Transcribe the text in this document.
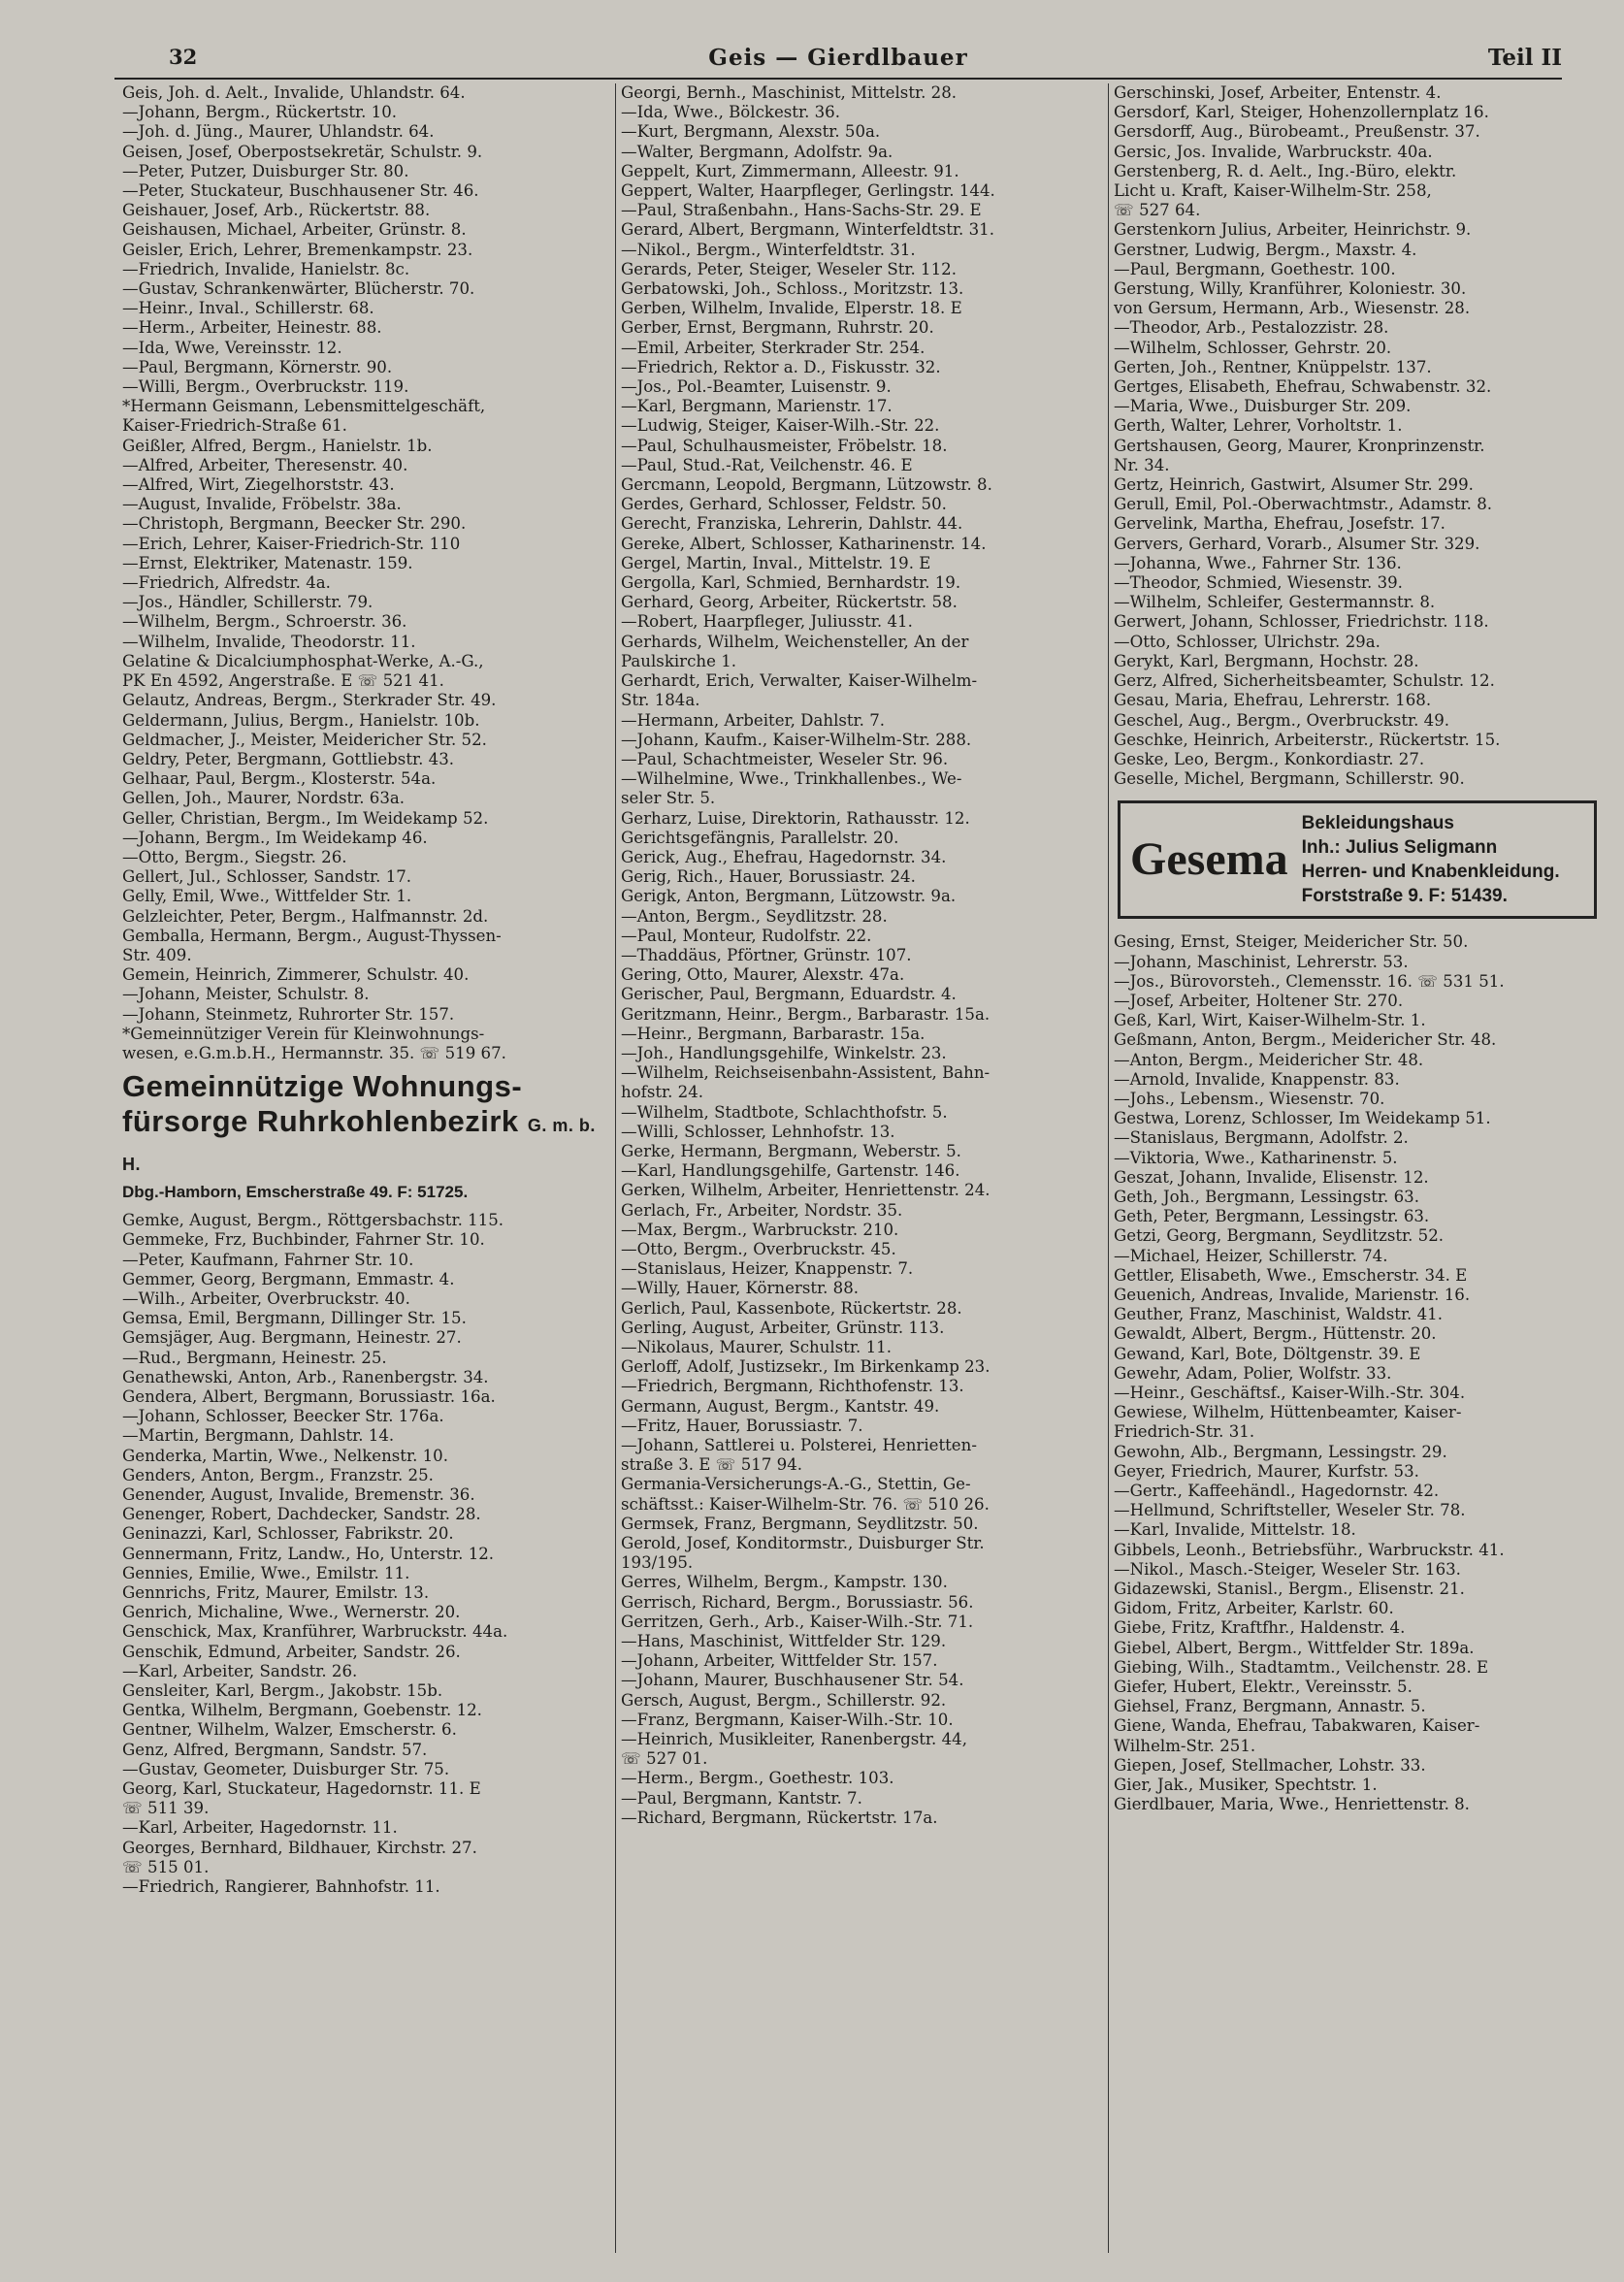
32	Geis — Gierdlbauer	Teil II
Geis, Joh. d. Aelt., Invalide, Uhlandstr. 64.
—Johann, Bergm., Rückertstr. 10.
—Joh. d. Jüng., Maurer, Uhlandstr. 64.
Geisen, Josef, Oberpostsekretär, Schulstr. 9.
—Peter, Putzer, Duisburger Str. 80.
—Peter, Stuckateur, Buschhausener Str. 46.
Geishauer, Josef, Arb., Rückertstr. 88.
Geishausen, Michael, Arbeiter, Grünstr. 8.
Geisler, Erich, Lehrer, Bremenkampstr. 23.
—Friedrich, Invalide, Hanielstr. 8c.
—Gustav, Schrankenwärter, Blücherstr. 70.
—Heinr., Inval., Schillerstr. 68.
—Herm., Arbeiter, Heinestr. 88.
—Ida, Wwe, Vereinsstr. 12.
—Paul, Bergmann, Körnerstr. 90.
—Willi, Bergm., Overbruckstr. 119.
*Hermann Geismann, Lebensmittelgeschäft,
Kaiser-Friedrich-Straße 61.
Geißler, Alfred, Bergm., Hanielstr. 1b.
—Alfred, Arbeiter, Theresenstr. 40.
—Alfred, Wirt, Ziegelhorststr. 43.
—August, Invalide, Fröbelstr. 38a.
—Christoph, Bergmann, Beecker Str. 290.
—Erich, Lehrer, Kaiser-Friedrich-Str. 110
—Ernst, Elektriker, Matenastr. 159.
—Friedrich, Alfredstr. 4a.
—Jos., Händler, Schillerstr. 79.
—Wilhelm, Bergm., Schroerstr. 36.
—Wilhelm, Invalide, Theodorstr. 11.
Gelatine & Dicalciumphosphat-Werke, A.-G.,
PK En 4592, Angerstraße. E ☏ 521 41.
Gelautz, Andreas, Bergm., Sterkrader Str. 49.
Geldermann, Julius, Bergm., Hanielstr. 10b.
Geldmacher, J., Meister, Meidericher Str. 52.
Geldry, Peter, Bergmann, Gottliebstr. 43.
Gelhaar, Paul, Bergm., Klosterstr. 54a.
Gellen, Joh., Maurer, Nordstr. 63a.
Geller, Christian, Bergm., Im Weidekamp 52.
—Johann, Bergm., Im Weidekamp 46.
—Otto, Bergm., Siegstr. 26.
Gellert, Jul., Schlosser, Sandstr. 17.
Gelly, Emil, Wwe., Wittfelder Str. 1.
Gelzleichter, Peter, Bergm., Halfmannstr. 2d.
Gemballa, Hermann, Bergm., August-Thyssen-
Str. 409.
Gemein, Heinrich, Zimmerer, Schulstr. 40.
—Johann, Meister, Schulstr. 8.
—Johann, Steinmetz, Ruhrorter Str. 157.
*Gemeinnütziger Verein für Kleinwohnungs-
wesen, e.G.m.b.H., Hermannstr. 35. ☏ 519 67.
Gemeinnützige Wohnungs-
fürsorge Ruhrkohlenbezirk G. m. b. H.
Dbg.-Hamborn, Emscherstraße 49. F: 51725.
Gemke, August, Bergm., Röttgersbachstr. 115.
Gemmeke, Frz, Buchbinder, Fahrner Str. 10.
—Peter, Kaufmann, Fahrner Str. 10.
Gemmer, Georg, Bergmann, Emmastr. 4.
—Wilh., Arbeiter, Overbruckstr. 40.
Gemsa, Emil, Bergmann, Dillinger Str. 15.
Gemsjäger, Aug. Bergmann, Heinestr. 27.
—Rud., Bergmann, Heinestr. 25.
Genathewski, Anton, Arb., Ranenbergstr. 34.
Gendera, Albert, Bergmann, Borussiastr. 16a.
—Johann, Schlosser, Beecker Str. 176a.
—Martin, Bergmann, Dahlstr. 14.
Genderka, Martin, Wwe., Nelkenstr. 10.
Genders, Anton, Bergm., Franzstr. 25.
Genender, August, Invalide, Bremenstr. 36.
Genenger, Robert, Dachdecker, Sandstr. 28.
Geninazzi, Karl, Schlosser, Fabrikstr. 20.
Gennermann, Fritz, Landw., Ho, Unterstr. 12.
Gennies, Emilie, Wwe., Emilstr. 11.
Gennrichs, Fritz, Maurer, Emilstr. 13.
Genrich, Michaline, Wwe., Wernerstr. 20.
Genschick, Max, Kranführer, Warbruckstr. 44a.
Genschik, Edmund, Arbeiter, Sandstr. 26.
—Karl, Arbeiter, Sandstr. 26.
Gensleiter, Karl, Bergm., Jakobstr. 15b.
Gentka, Wilhelm, Bergmann, Goebenstr. 12.
Gentner, Wilhelm, Walzer, Emscherstr. 6.
Genz, Alfred, Bergmann, Sandstr. 57.
—Gustav, Geometer, Duisburger Str. 75.
Georg, Karl, Stuckateur, Hagedornstr. 11. E
☏ 511 39.
—Karl, Arbeiter, Hagedornstr. 11.
Georges, Bernhard, Bildhauer, Kirchstr. 27.
☏ 515 01.
—Friedrich, Rangierer, Bahnhofstr. 11.
Georgi, Bernh., Maschinist, Mittelstr. 28.
—Ida, Wwe., Bölckestr. 36.
—Kurt, Bergmann, Alexstr. 50a.
—Walter, Bergmann, Adolfstr. 9a.
Geppelt, Kurt, Zimmermann, Alleestr. 91.
Geppert, Walter, Haarpfleger, Gerlingstr. 144.
—Paul, Straßenbahn., Hans-Sachs-Str. 29. E
Gerard, Albert, Bergmann, Winterfeldtstr. 31.
—Nikol., Bergm., Winterfeldtstr. 31.
Gerards, Peter, Steiger, Weseler Str. 112.
Gerbatowski, Joh., Schloss., Moritzstr. 13.
Gerben, Wilhelm, Invalide, Elperstr. 18. E
Gerber, Ernst, Bergmann, Ruhrstr. 20.
—Emil, Arbeiter, Sterkrader Str. 254.
—Friedrich, Rektor a. D., Fiskusstr. 32.
—Jos., Pol.-Beamter, Luisenstr. 9.
—Karl, Bergmann, Marienstr. 17.
—Ludwig, Steiger, Kaiser-Wilh.-Str. 22.
—Paul, Schulhausmeister, Fröbelstr. 18.
—Paul, Stud.-Rat, Veilchenstr. 46. E
Gercmann, Leopold, Bergmann, Lützowstr. 8.
Gerdes, Gerhard, Schlosser, Feldstr. 50.
Gerecht, Franziska, Lehrerin, Dahlstr. 44.
Gereke, Albert, Schlosser, Katharinenstr. 14.
Gergel, Martin, Inval., Mittelstr. 19. E
Gergolla, Karl, Schmied, Bernhardstr. 19.
Gerhard, Georg, Arbeiter, Rückertstr. 58.
—Robert, Haarpfleger, Juliusstr. 41.
Gerhards, Wilhelm, Weichensteller, An der
Paulskirche 1.
Gerhardt, Erich, Verwalter, Kaiser-Wilhelm-
Str. 184a.
—Hermann, Arbeiter, Dahlstr. 7.
—Johann, Kaufm., Kaiser-Wilhelm-Str. 288.
—Paul, Schachtmeister, Weseler Str. 96.
—Wilhelmine, Wwe., Trinkhallenbes., We-
seler Str. 5.
Gerharz, Luise, Direktorin, Rathausstr. 12.
Gerichtsgefängnis, Parallelstr. 20.
Gerick, Aug., Ehefrau, Hagedornstr. 34.
Gerig, Rich., Hauer, Borussiastr. 24.
Gerigk, Anton, Bergmann, Lützowstr. 9a.
—Anton, Bergm., Seydlitzstr. 28.
—Paul, Monteur, Rudolfstr. 22.
—Thaddäus, Pförtner, Grünstr. 107.
Gering, Otto, Maurer, Alexstr. 47a.
Gerischer, Paul, Bergmann, Eduardstr. 4.
Geritzmann, Heinr., Bergm., Barbarastr. 15a.
—Heinr., Bergmann, Barbarastr. 15a.
—Joh., Handlungsgehilfe, Winkelstr. 23.
—Wilhelm, Reichseisenbahn-Assistent, Bahn-
hofstr. 24.
—Wilhelm, Stadtbote, Schlachthofstr. 5.
—Willi, Schlosser, Lehnhofstr. 13.
Gerke, Hermann, Bergmann, Weberstr. 5.
—Karl, Handlungsgehilfe, Gartenstr. 146.
Gerken, Wilhelm, Arbeiter, Henriettenstr. 24.
Gerlach, Fr., Arbeiter, Nordstr. 35.
—Max, Bergm., Warbruckstr. 210.
—Otto, Bergm., Overbruckstr. 45.
—Stanislaus, Heizer, Knappenstr. 7.
—Willy, Hauer, Körnerstr. 88.
Gerlich, Paul, Kassenbote, Rückertstr. 28.
Gerling, August, Arbeiter, Grünstr. 113.
—Nikolaus, Maurer, Schulstr. 11.
Gerloff, Adolf, Justizsekr., Im Birkenkamp 23.
—Friedrich, Bergmann, Richthofenstr. 13.
Germann, August, Bergm., Kantstr. 49.
—Fritz, Hauer, Borussiastr. 7.
—Johann, Sattlerei u. Polsterei, Henrietten-
straße 3. E ☏ 517 94.
Germania-Versicherungs-A.-G., Stettin, Ge-
schäftsst.: Kaiser-Wilhelm-Str. 76. ☏ 510 26.
Germsek, Franz, Bergmann, Seydlitzstr. 50.
Gerold, Josef, Konditormstr., Duisburger Str.
193/195.
Gerres, Wilhelm, Bergm., Kampstr. 130.
Gerrisch, Richard, Bergm., Borussiastr. 56.
Gerritzen, Gerh., Arb., Kaiser-Wilh.-Str. 71.
—Hans, Maschinist, Wittfelder Str. 129.
—Johann, Arbeiter, Wittfelder Str. 157.
—Johann, Maurer, Buschhausener Str. 54.
Gersch, August, Bergm., Schillerstr. 92.
—Franz, Bergmann, Kaiser-Wilh.-Str. 10.
—Heinrich, Musikleiter, Ranenbergstr. 44,
☏ 527 01.
—Herm., Bergm., Goethestr. 103.
—Paul, Bergmann, Kantstr. 7.
—Richard, Bergmann, Rückertstr. 17a.
Gerschinski, Josef, Arbeiter, Entenstr. 4.
Gersdorf, Karl, Steiger, Hohenzollernplatz 16.
Gersdorff, Aug., Bürobeamt., Preußenstr. 37.
Gersic, Jos. Invalide, Warbruckstr. 40a.
Gerstenberg, R. d. Aelt., Ing.-Büro, elektr.
Licht u. Kraft, Kaiser-Wilhelm-Str. 258,
☏ 527 64.
Gerstenkorn Julius, Arbeiter, Heinrichstr. 9.
Gerstner, Ludwig, Bergm., Maxstr. 4.
—Paul, Bergmann, Goethestr. 100.
Gerstung, Willy, Kranführer, Koloniestr. 30.
von Gersum, Hermann, Arb., Wiesenstr. 28.
—Theodor, Arb., Pestalozzistr. 28.
—Wilhelm, Schlosser, Gehrstr. 20.
Gerten, Joh., Rentner, Knüppelstr. 137.
Gertges, Elisabeth, Ehefrau, Schwabenstr. 32.
—Maria, Wwe., Duisburger Str. 209.
Gerth, Walter, Lehrer, Vorholtstr. 1.
Gertshausen, Georg, Maurer, Kronprinzenstr.
Nr. 34.
Gertz, Heinrich, Gastwirt, Alsumer Str. 299.
Gerull, Emil, Pol.-Oberwachtmstr., Adamstr. 8.
Gervelink, Martha, Ehefrau, Josefstr. 17.
Gervers, Gerhard, Vorarb., Alsumer Str. 329.
—Johanna, Wwe., Fahrner Str. 136.
—Theodor, Schmied, Wiesenstr. 39.
—Wilhelm, Schleifer, Gestermannstr. 8.
Gerwert, Johann, Schlosser, Friedrichstr. 118.
—Otto, Schlosser, Ulrichstr. 29a.
Gerykt, Karl, Bergmann, Hochstr. 28.
Gerz, Alfred, Sicherheitsbeamter, Schulstr. 12.
Gesau, Maria, Ehefrau, Lehrerstr. 168.
Geschel, Aug., Bergm., Overbruckstr. 49.
Geschke, Heinrich, Arbeiterstr., Rückertstr. 15.
Geske, Leo, Bergm., Konkordiastr. 27.
Geselle, Michel, Bergmann, Schillerstr. 90.
Gesema
Bekleidungshaus
Inh.: Julius Seligmann
Herren- und Knabenkleidung.
Forststraße 9. F: 51439.
Gesing, Ernst, Steiger, Meidericher Str. 50.
—Johann, Maschinist, Lehrerstr. 53.
—Jos., Bürovorsteh., Clemensstr. 16. ☏ 531 51.
—Josef, Arbeiter, Holtener Str. 270.
Geß, Karl, Wirt, Kaiser-Wilhelm-Str. 1.
Geßmann, Anton, Bergm., Meidericher Str. 48.
—Anton, Bergm., Meidericher Str. 48.
—Arnold, Invalide, Knappenstr. 83.
—Johs., Lebensm., Wiesenstr. 70.
Gestwa, Lorenz, Schlosser, Im Weidekamp 51.
—Stanislaus, Bergmann, Adolfstr. 2.
—Viktoria, Wwe., Katharinenstr. 5.
Geszat, Johann, Invalide, Elisenstr. 12.
Geth, Joh., Bergmann, Lessingstr. 63.
Geth, Peter, Bergmann, Lessingstr. 63.
Getzi, Georg, Bergmann, Seydlitzstr. 52.
—Michael, Heizer, Schillerstr. 74.
Gettler, Elisabeth, Wwe., Emscherstr. 34. E
Geuenich, Andreas, Invalide, Marienstr. 16.
Geuther, Franz, Maschinist, Waldstr. 41.
Gewaldt, Albert, Bergm., Hüttenstr. 20.
Gewand, Karl, Bote, Döltgenstr. 39. E
Gewehr, Adam, Polier, Wolfstr. 33.
—Heinr., Geschäftsf., Kaiser-Wilh.-Str. 304.
Gewiese, Wilhelm, Hüttenbeamter, Kaiser-
Friedrich-Str. 31.
Gewohn, Alb., Bergmann, Lessingstr. 29.
Geyer, Friedrich, Maurer, Kurfstr. 53.
—Gertr., Kaffeehändl., Hagedornstr. 42.
—Hellmund, Schriftsteller, Weseler Str. 78.
—Karl, Invalide, Mittelstr. 18.
Gibbels, Leonh., Betriebsführ., Warbruckstr. 41.
—Nikol., Masch.-Steiger, Weseler Str. 163.
Gidazewski, Stanisl., Bergm., Elisenstr. 21.
Gidom, Fritz, Arbeiter, Karlstr. 60.
Giebe, Fritz, Kraftfhr., Haldenstr. 4.
Giebel, Albert, Bergm., Wittfelder Str. 189a.
Giebing, Wilh., Stadtamtm., Veilchenstr. 28. E
Giefer, Hubert, Elektr., Vereinsstr. 5.
Giehsel, Franz, Bergmann, Annastr. 5.
Giene, Wanda, Ehefrau, Tabakwaren, Kaiser-
Wilhelm-Str. 251.
Giepen, Josef, Stellmacher, Lohstr. 33.
Gier, Jak., Musiker, Spechtstr. 1.
Gierdlbauer, Maria, Wwe., Henriettenstr. 8.
